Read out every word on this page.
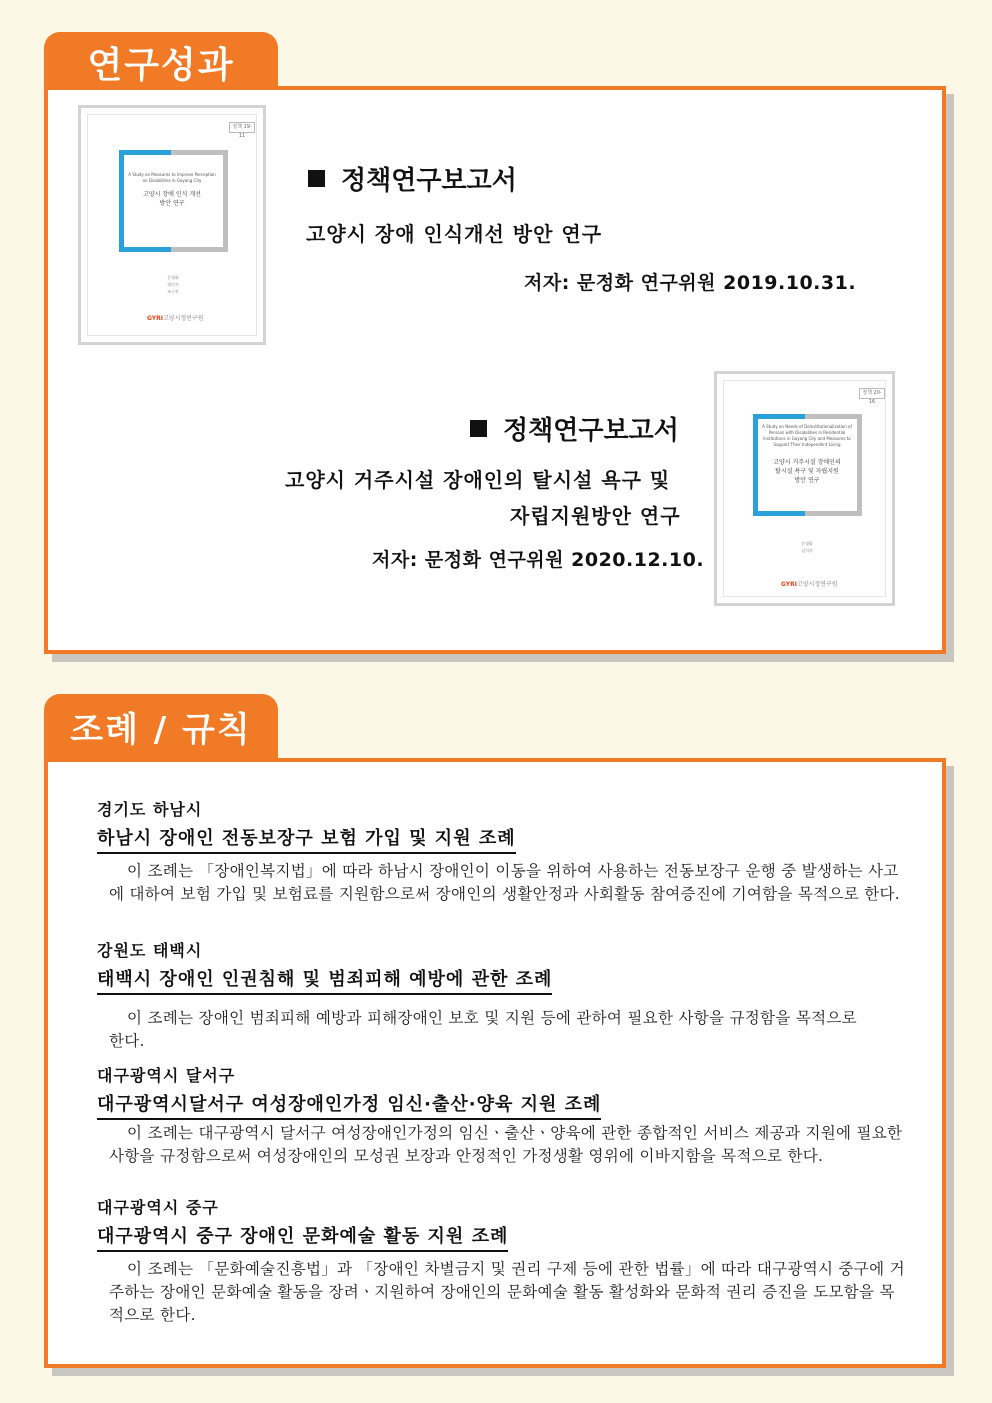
연구성과
정책 19-11
A Study on Measures to Improve Perception on Disabilities in Goyang City
고양시 장애 인식 개선
방안 연구
문정화
최민지
조수진
GYRI고양시정연구원
정책연구보고서
고양시 장애 인식개선 방안 연구
저자: 문정화 연구위원 2019.10.31.
정책연구보고서
고양시 거주시설 장애인의 탈시설 욕구 및
자립지원방안 연구
저자: 문정화 연구위원 2020.12.10.
정책 20-16
A Study on Needs of Deinstitutionalization of Persons with Disabilities in Residential Institutions in Goyang City and Measures to Support Their Independent Living
고양시 거주시설 장애인의
탈시설 욕구 및 자립지원
방안 연구
문정화
김지희
GYRI고양시정연구원
조례 / 규칙
경기도 하남시
하남시 장애인 전동보장구 보험 가입 및 지원 조례
이 조례는 「장애인복지법」에 따라 하남시 장애인이 이동을 위하여 사용하는 전동보장구 운행 중 발생하는 사고에 대하여 보험 가입 및 보험료를 지원함으로써 장애인의 생활안정과 사회활동 참여증진에 기여함을 목적으로 한다.
강원도 태백시
태백시 장애인 인권침해 및 범죄피해 예방에 관한 조례
이 조례는 장애인 범죄피해 예방과 피해장애인 보호 및 지원 등에 관하여 필요한 사항을 규정함을 목적으로 한다.
대구광역시 달서구
대구광역시달서구 여성장애인가정 임신·출산·양육 지원 조례
이 조례는 대구광역시 달서구 여성장애인가정의 임신ㆍ출산ㆍ양육에 관한 종합적인 서비스 제공과 지원에 필요한 사항을 규정함으로써 여성장애인의 모성권 보장과 안정적인 가정생활 영위에 이바지함을 목적으로 한다.
대구광역시 중구
대구광역시 중구 장애인 문화예술 활동 지원 조례
이 조례는 「문화예술진흥법」과 「장애인 차별금지 및 권리 구제 등에 관한 법률」에 따라 대구광역시 중구에 거주하는 장애인 문화예술 활동을 장려ㆍ지원하여 장애인의 문화예술 활동 활성화와 문화적 권리 증진을 도모함을 목적으로 한다.
